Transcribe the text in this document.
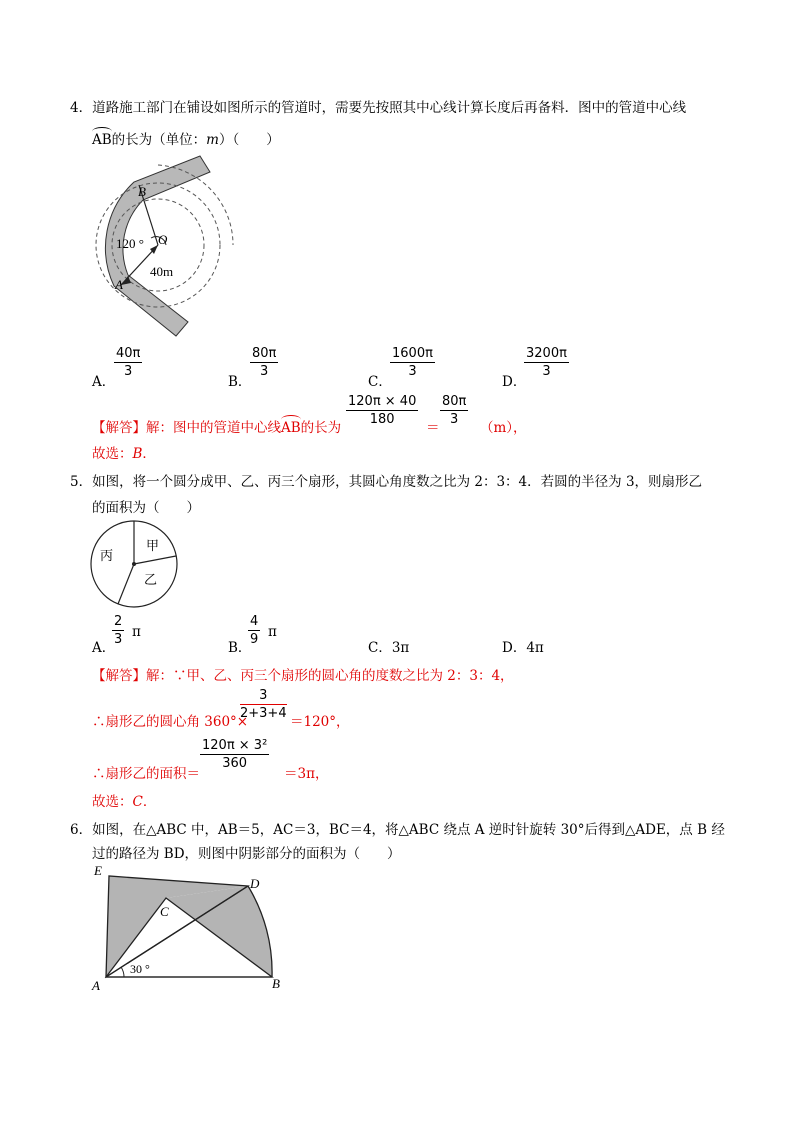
4．道路施工部门在铺设如图所示的管道时，需要先按照其中心线计算长度后再备料．图中的管道中心线
AB的长为（单位：m）（　　）
B
O
120 °
40m
A
A．
$\frac{40\pi}{3}$
B．
$\frac{80\pi}{3}$
C．
$\frac{1600\pi}{3}$
D．
$\frac{3200\pi}{3}$
【解答】解：图中的管道中心线AB的长为
$\frac{120\pi \times 40}{180}$
＝
$\frac{80\pi}{3}$
（m），
故选：B．
5．如图，将一个圆分成甲、乙、丙三个扇形，其圆心角度数之比为 2：3：4．若圆的半径为 3，则扇形乙
的面积为（　　）
甲
乙
丙
A．
$\frac{2}{3}$ π
B．
$\frac{4}{9}$ π
C．3π	D．4π
【解答】解：∵甲、乙、丙三个扇形的圆心角的度数之比为 2：3：4，
∴扇形乙的圆心角 360°×
$\frac{3}{2+3+4}$
＝120°，
∴扇形乙的面积＝
$\frac{\text{120π × 3²}}{360}$
＝3π，
故选：C．
6．如图，在△ABC 中，AB＝5，AC＝3，BC＝4，将△ABC 绕点 A 逆时针旋转 30°后得到△ADE，点 B 经
过的路径为 BD，则图中阴影部分的面积为（　　）
E
D
C
A	B
30 °
